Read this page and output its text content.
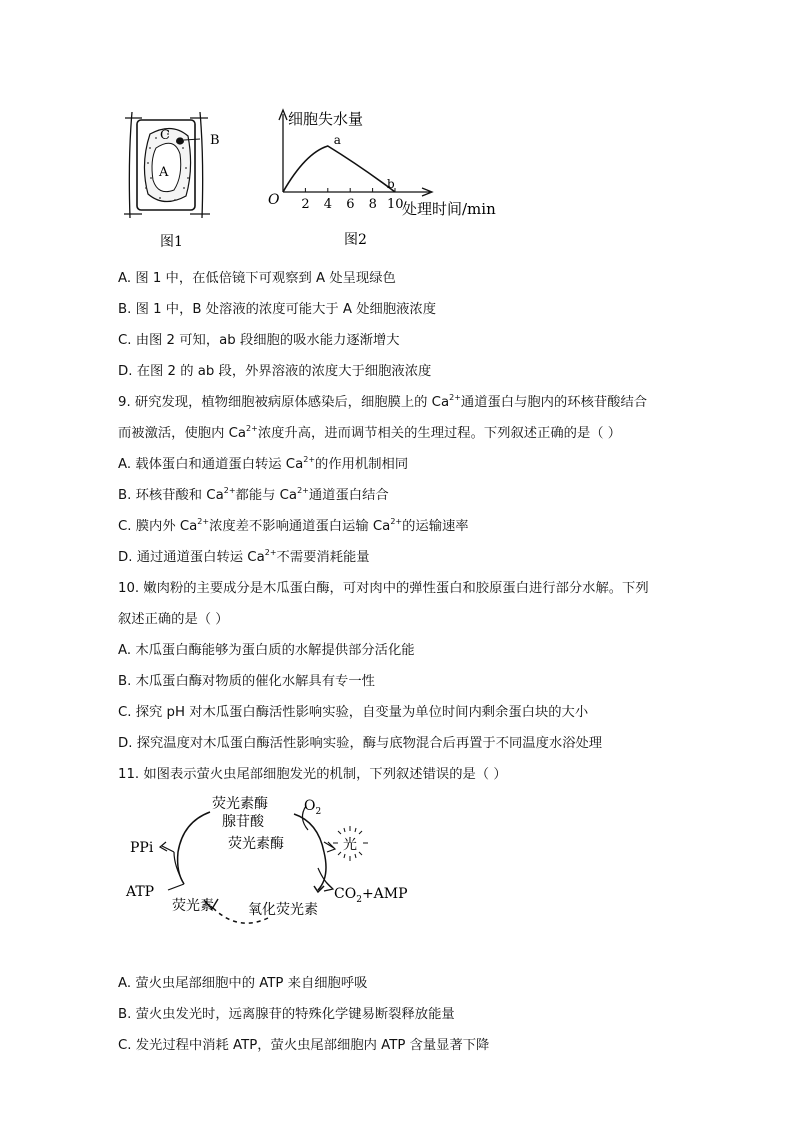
C
A
B
图1
细胞失水量
O	处理时间/min
2 4 6 8 10
a
b
图2
A. 图 1 中，在低倍镜下可观察到 A 处呈现绿色
B. 图 1 中，B 处溶液的浓度可能大于 A 处细胞液浓度
C. 由图 2 可知，ab 段细胞的吸水能力逐渐增大
D. 在图 2 的 ab 段，外界溶液的浓度大于细胞液浓度
9. 研究发现，植物细胞被病原体感染后，细胞膜上的 $Ca^{2+}$通道蛋白与胞内的环核苷酸结合
而被激活，使胞内 $Ca^{2+}$浓度升高，进而调节相关的生理过程。下列叙述正确的是（ ）
A. 载体蛋白和通道蛋白转运 $Ca^{2+}$的作用机制相同
B. 环核苷酸和 $Ca^{2+}$都能与 $Ca^{2+}$通道蛋白结合
C. 膜内外 $Ca^{2+}$浓度差不影响通道蛋白运输 $Ca^{2+}$的运输速率
D. 通过通道蛋白转运 $Ca^{2+}$不需要消耗能量
10. 嫩肉粉的主要成分是木瓜蛋白酶，可对肉中的弹性蛋白和胶原蛋白进行部分水解。下列
叙述正确的是（ ）
A. 木瓜蛋白酶能够为蛋白质的水解提供部分活化能
B. 木瓜蛋白酶对物质的催化水解具有专一性
C. 探究 pH 对木瓜蛋白酶活性影响实验，自变量为单位时间内剩余蛋白块的大小
D. 探究温度对木瓜蛋白酶活性影响实验，酶与底物混合后再置于不同温度水浴处理
11. 如图表示萤火虫尾部细胞发光的机制，下列叙述错误的是（ ）
荧光素酶
腺苷酸
荧光素酶
$O_2$
光
$CO_2+AMP$
PPi
ATP
荧光素 氧化荧光素
A. 萤火虫尾部细胞中的 ATP 来自细胞呼吸
B. 萤火虫发光时，远离腺苷的特殊化学键易断裂释放能量
C. 发光过程中消耗 ATP，萤火虫尾部细胞内 ATP 含量显著下降
